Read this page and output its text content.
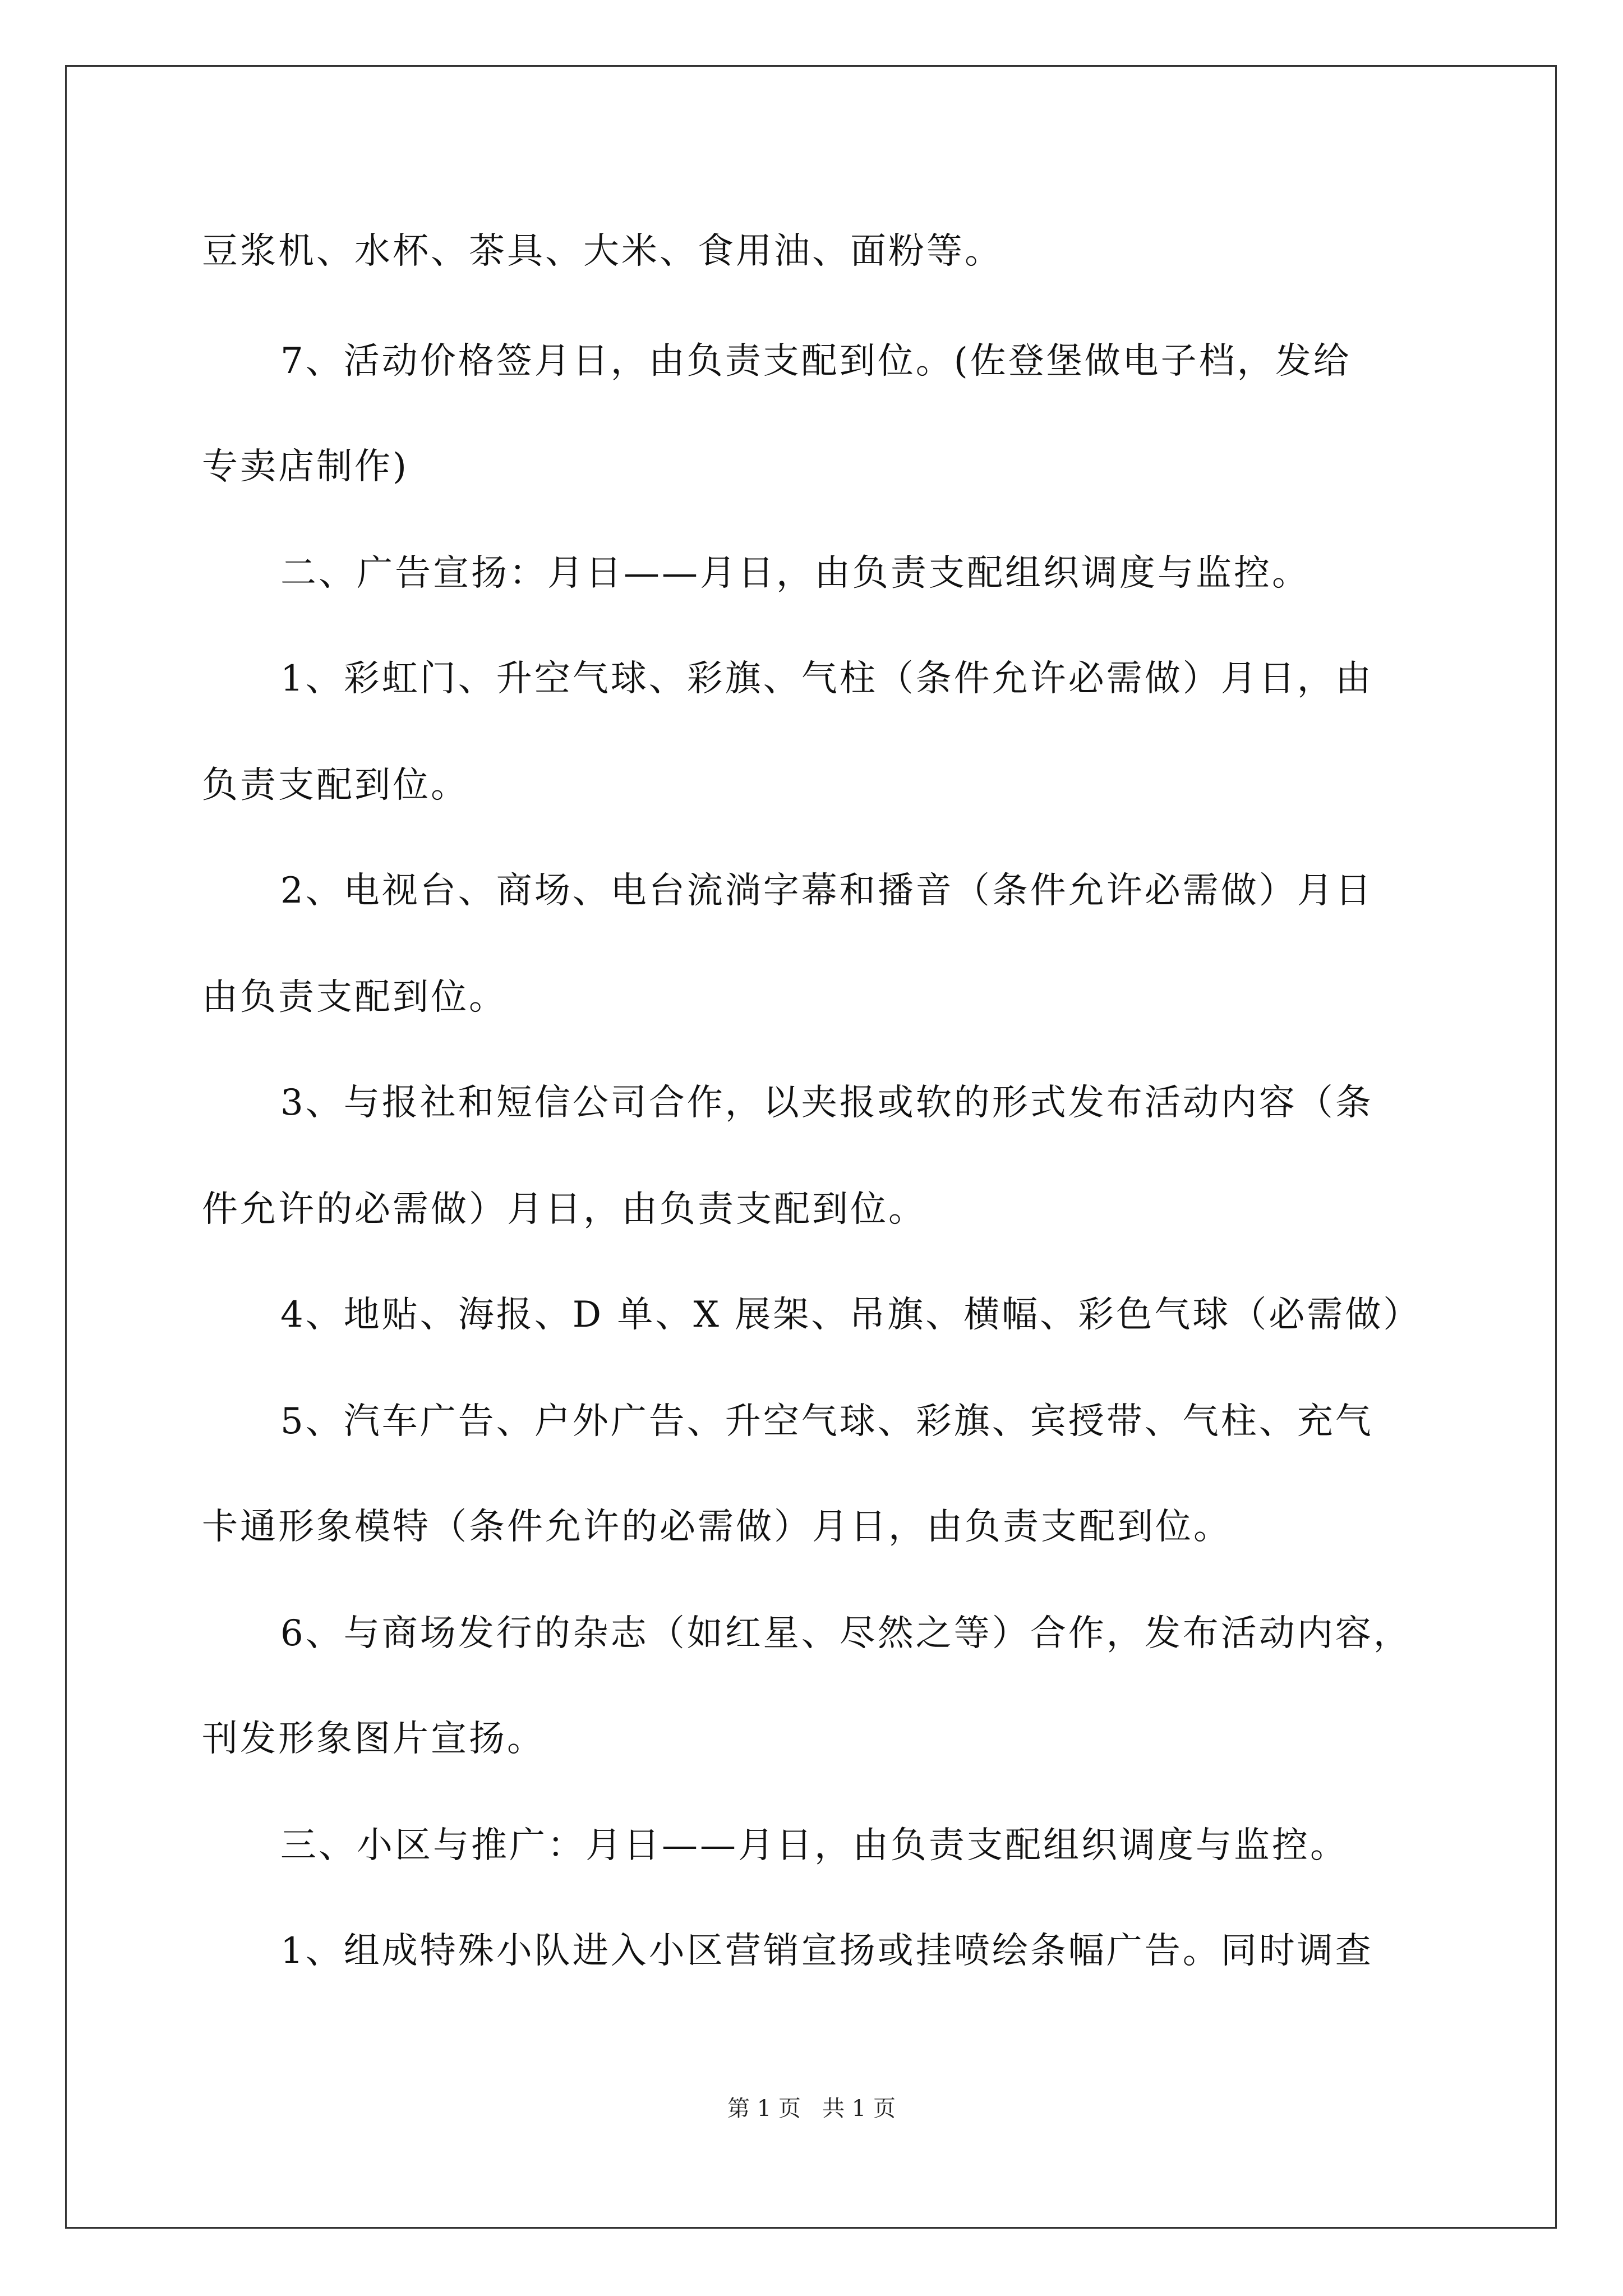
豆浆机、水杯、茶具、大米、食用油、面粉等。
7、活动价格签月日，由负责支配到位。(佐登堡做电子档，发给
专卖店制作)
二、广告宣扬：月日——月日，由负责支配组织调度与监控。
1、彩虹门、升空气球、彩旗、气柱（条件允许必需做）月日，由
负责支配到位。
2、电视台、商场、电台流淌字幕和播音（条件允许必需做）月日
由负责支配到位。
3、与报社和短信公司合作，以夹报或软的形式发布活动内容（条
件允许的必需做）月日，由负责支配到位。
4、地贴、海报、D 单、X 展架、吊旗、横幅、彩色气球（必需做）
5、汽车广告、户外广告、升空气球、彩旗、宾授带、气柱、充气
卡通形象模特（条件允许的必需做）月日，由负责支配到位。
6、与商场发行的杂志（如红星、尽然之等）合作，发布活动内容，
刊发形象图片宣扬。
三、小区与推广：月日——月日，由负责支配组织调度与监控。
1、组成特殊小队进入小区营销宣扬或挂喷绘条幅广告。同时调查
第 1 页   共 1 页
